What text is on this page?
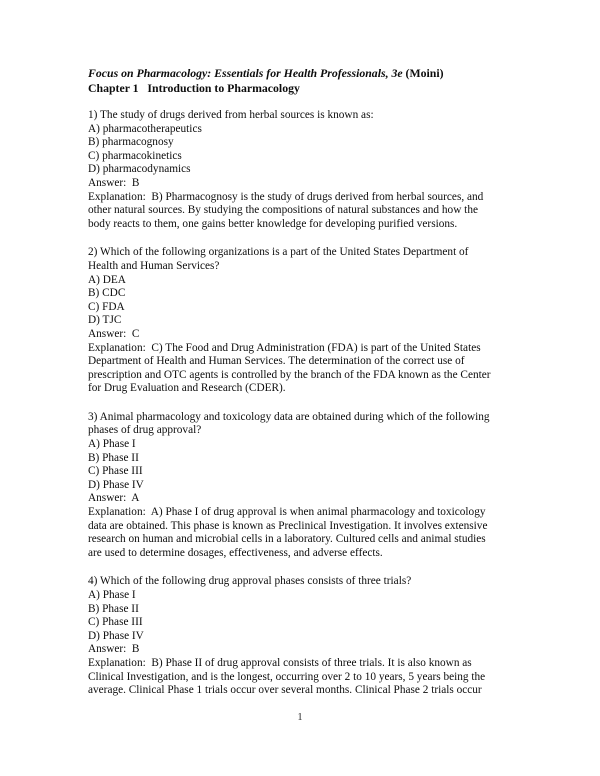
Focus on Pharmacology: Essentials for Health Professionals, 3e (Moini)
Chapter 1   Introduction to Pharmacology
1) The study of drugs derived from herbal sources is known as:
A) pharmacotherapeutics
B) pharmacognosy
C) pharmacokinetics
D) pharmacodynamics
Answer:  B
Explanation:  B) Pharmacognosy is the study of drugs derived from herbal sources, and
other natural sources. By studying the compositions of natural substances and how the
body reacts to them, one gains better knowledge for developing purified versions.
2) Which of the following organizations is a part of the United States Department of
Health and Human Services?
A) DEA
B) CDC
C) FDA
D) TJC
Answer:  C
Explanation:  C) The Food and Drug Administration (FDA) is part of the United States
Department of Health and Human Services. The determination of the correct use of
prescription and OTC agents is controlled by the branch of the FDA known as the Center
for Drug Evaluation and Research (CDER).
3) Animal pharmacology and toxicology data are obtained during which of the following
phases of drug approval?
A) Phase I
B) Phase II
C) Phase III
D) Phase IV
Answer:  A
Explanation:  A) Phase I of drug approval is when animal pharmacology and toxicology
data are obtained. This phase is known as Preclinical Investigation. It involves extensive
research on human and microbial cells in a laboratory. Cultured cells and animal studies
are used to determine dosages, effectiveness, and adverse effects.
4) Which of the following drug approval phases consists of three trials?
A) Phase I
B) Phase II
C) Phase III
D) Phase IV
Answer:  B
Explanation:  B) Phase II of drug approval consists of three trials. It is also known as
Clinical Investigation, and is the longest, occurring over 2 to 10 years, 5 years being the
average. Clinical Phase 1 trials occur over several months. Clinical Phase 2 trials occur
1
